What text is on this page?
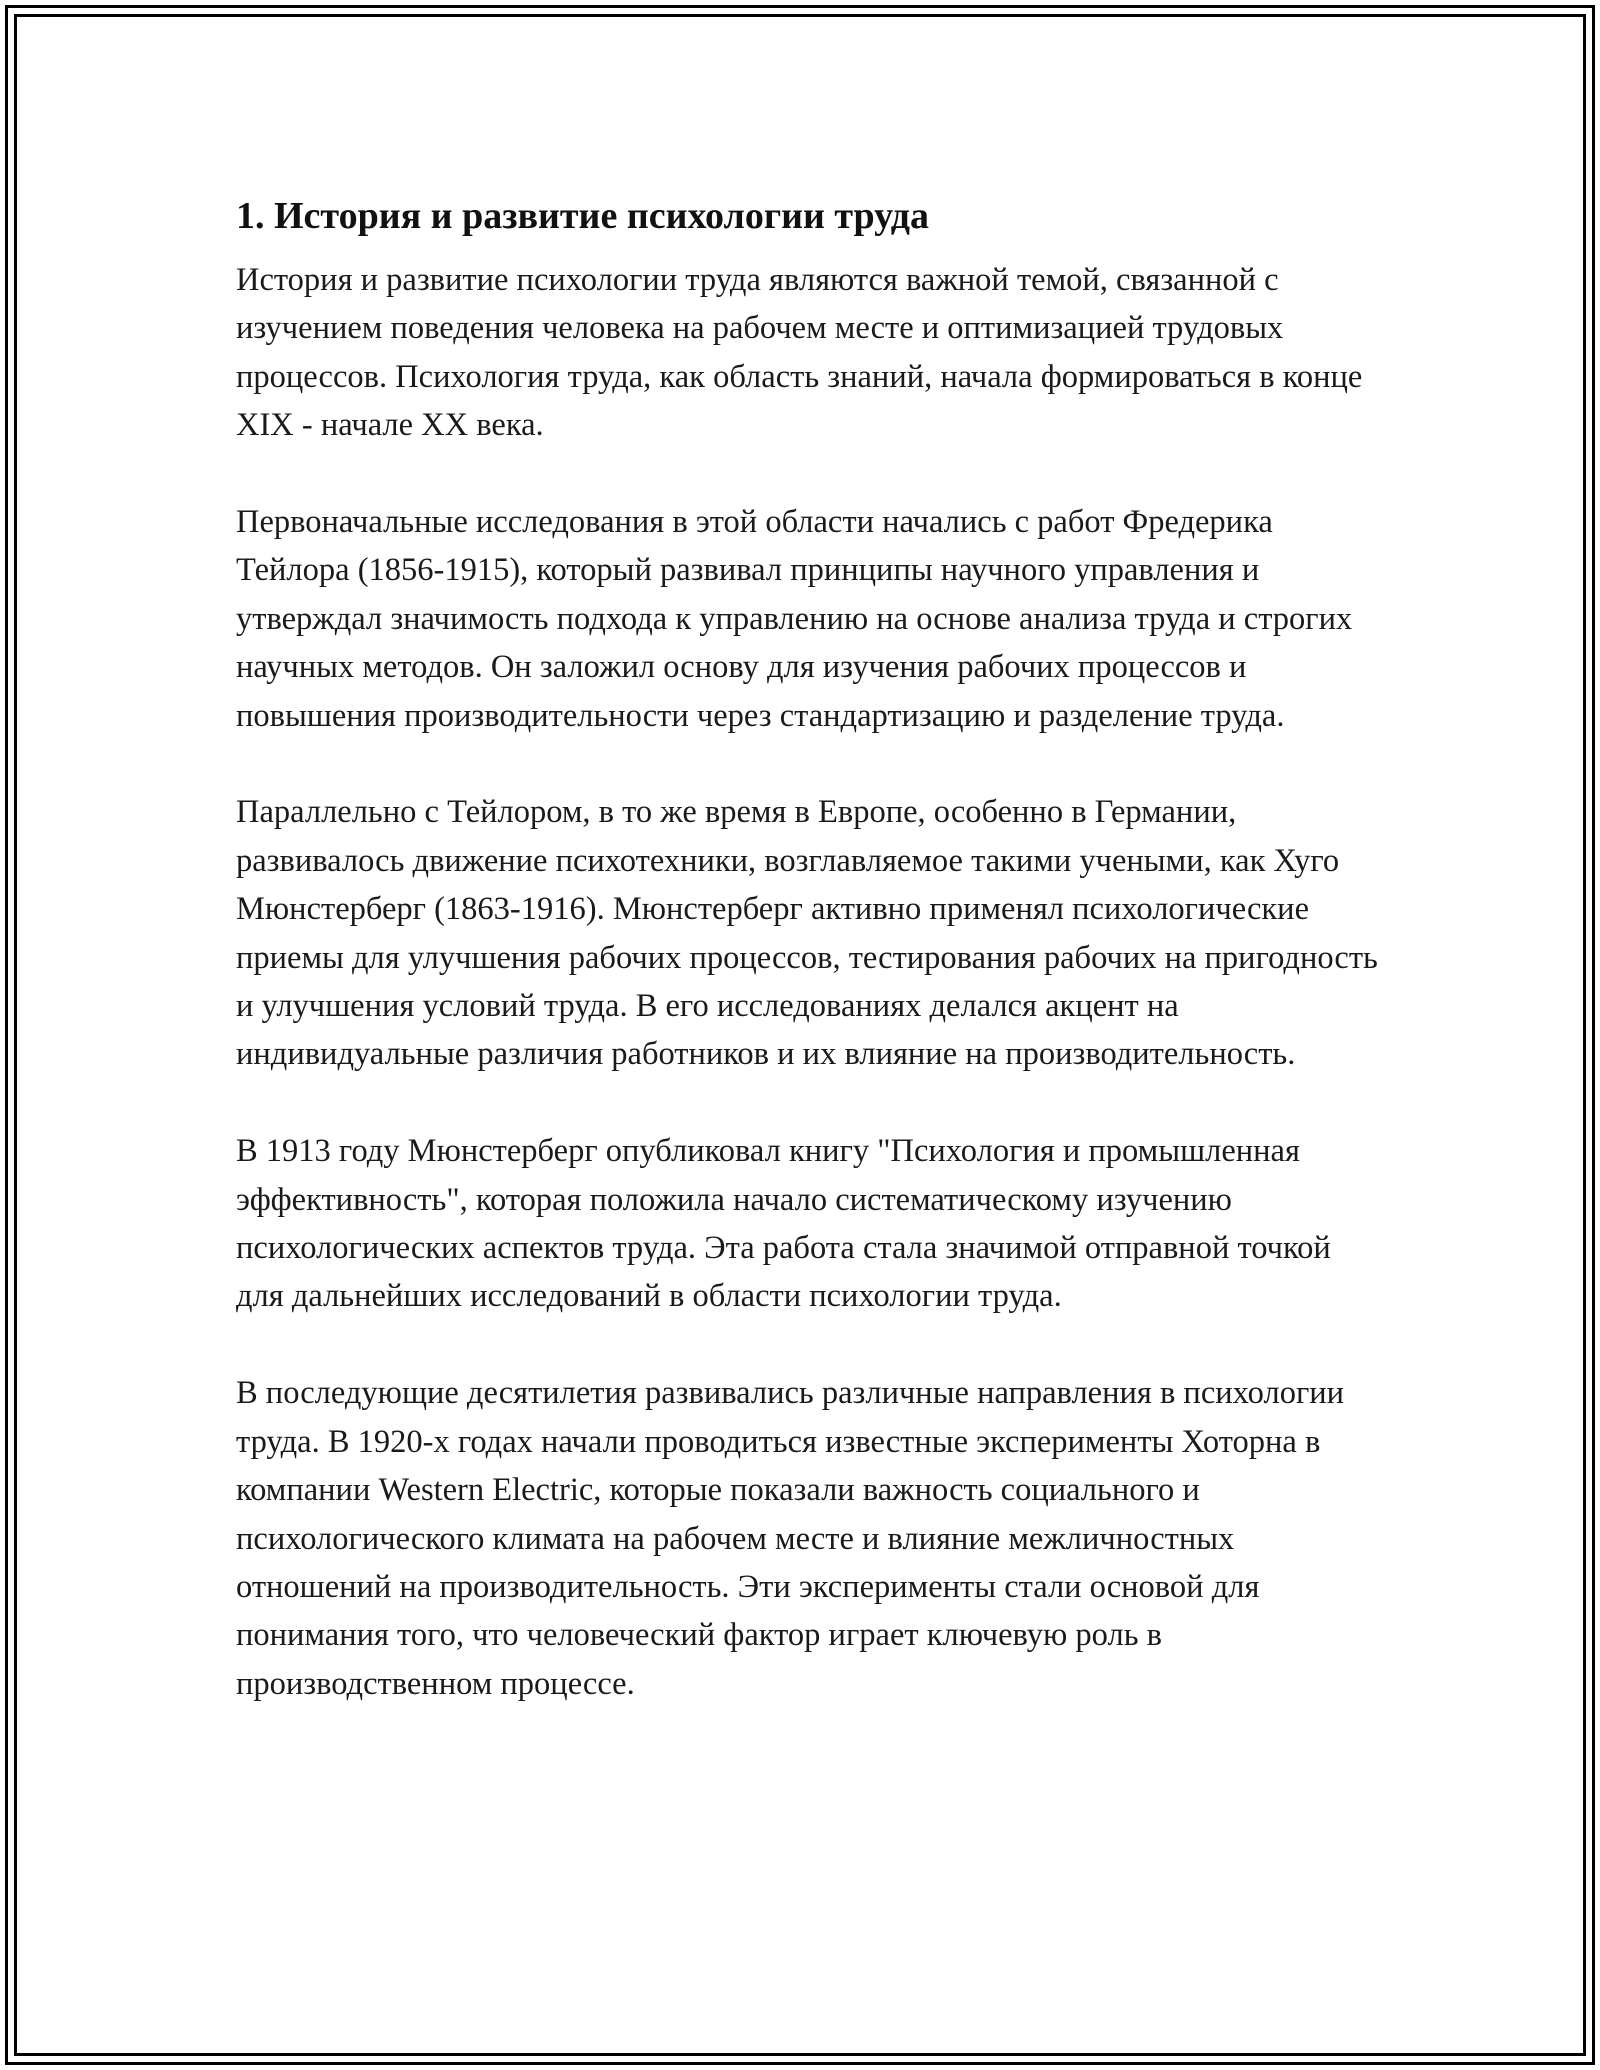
1. История и развитие психологии труда

История и развитие психологии труда являются важной темой, связанной с изучением поведения человека на рабочем месте и оптимизацией трудовых процессов. Психология труда, как область знаний, начала формироваться в конце XIX - начале XX века.

Первоначальные исследования в этой области начались с работ Фредерика Тейлора (1856-1915), который развивал принципы научного управления и утверждал значимость подхода к управлению на основе анализа труда и строгих научных методов. Он заложил основу для изучения рабочих процессов и повышения производительности через стандартизацию и разделение труда.

Параллельно с Тейлором, в то же время в Европе, особенно в Германии, развивалось движение психотехники, возглавляемое такими учеными, как Хуго Мюнстерберг (1863-1916). Мюнстерберг активно применял психологические приемы для улучшения рабочих процессов, тестирования рабочих на пригодность и улучшения условий труда. В его исследованиях делался акцент на индивидуальные различия работников и их влияние на производительность.

В 1913 году Мюнстерберг опубликовал книгу "Психология и промышленная эффективность", которая положила начало систематическому изучению психологических аспектов труда. Эта работа стала значимой отправной точкой для дальнейших исследований в области психологии труда.

В последующие десятилетия развивались различные направления в психологии труда. В 1920-х годах начали проводиться известные эксперименты Хоторна в компании Western Electric, которые показали важность социального и психологического климата на рабочем месте и влияние межличностных отношений на производительность. Эти эксперименты стали основой для понимания того, что человеческий фактор играет ключевую роль в производственном процессе.
